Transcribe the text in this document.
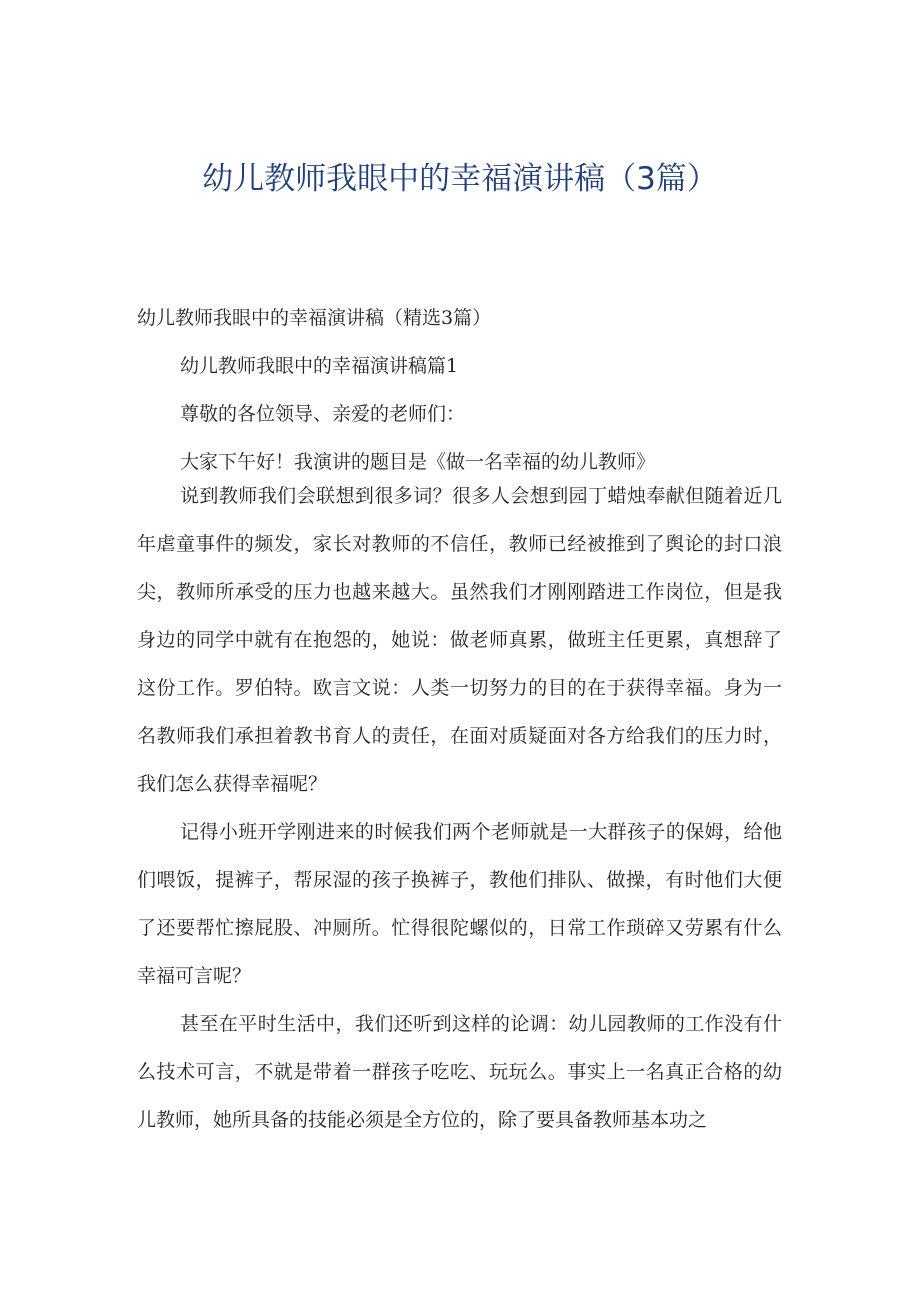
幼儿教师我眼中的幸福演讲稿（3篇）

幼儿教师我眼中的幸福演讲稿（精选3篇）

幼儿教师我眼中的幸福演讲稿篇1

尊敬的各位领导、亲爱的老师们：

大家下午好！我演讲的题目是《做一名幸福的幼儿教师》

说到教师我们会联想到很多词？很多人会想到园丁蜡烛奉献但随着近几年虐童事件的频发，家长对教师的不信任，教师已经被推到了舆论的封口浪尖，教师所承受的压力也越来越大。虽然我们才刚刚踏进工作岗位，但是我身边的同学中就有在抱怨的，她说：做老师真累，做班主任更累，真想辞了这份工作。罗伯特。欧言文说：人类一切努力的目的在于获得幸福。身为一名教师我们承担着教书育人的责任，在面对质疑面对各方给我们的压力时，我们怎么获得幸福呢？

记得小班开学刚进来的时候我们两个老师就是一大群孩子的保姆，给他们喂饭，提裤子，帮尿湿的孩子换裤子，教他们排队、做操，有时他们大便了还要帮忙擦屁股、冲厕所。忙得很陀螺似的，日常工作琐碎又劳累有什么幸福可言呢？

甚至在平时生活中，我们还听到这样的论调：幼儿园教师的工作没有什么技术可言，不就是带着一群孩子吃吃、玩玩么。事实上一名真正合格的幼儿教师，她所具备的技能必须是全方位的，除了要具备教师基本功之
